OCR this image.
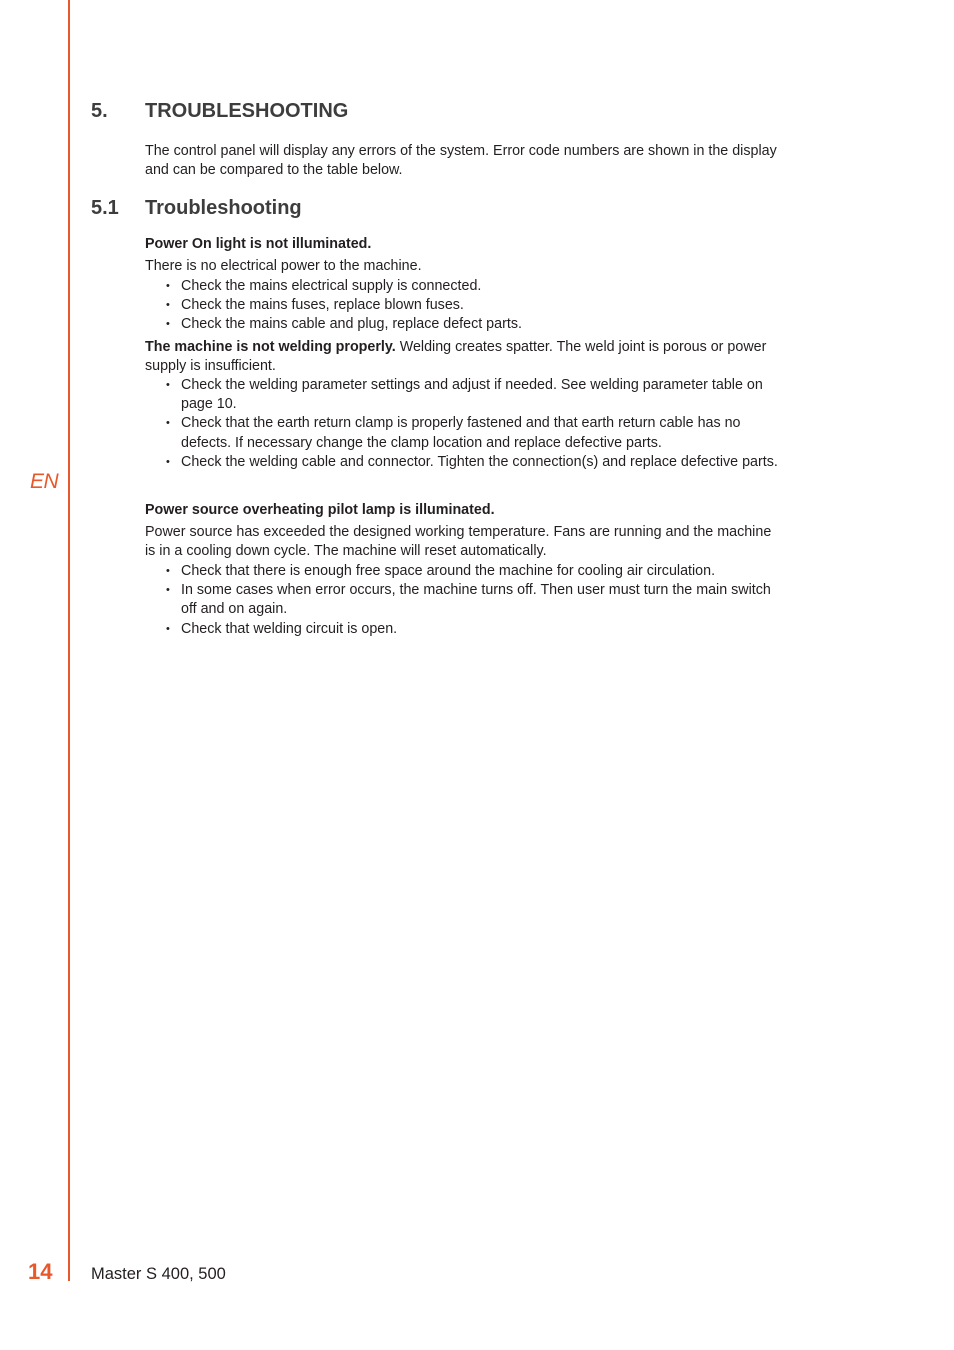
EN
5. TROUBLESHOOTING

The control panel will display any errors of the system. Error code numbers are shown in the display and can be compared to the table below.

5.1 Troubleshooting

Power On light is not illuminated.

There is no electrical power to the machine.

• Check the mains electrical supply is connected.
• Check the mains fuses, replace blown fuses.
• Check the mains cable and plug, replace defect parts.

The machine is not welding properly. Welding creates spatter. The weld joint is porous or power supply is insufficient.

• Check the welding parameter settings and adjust if needed. See welding parameter table on page 10.
• Check that the earth return clamp is properly fastened and that earth return cable has no defects. If necessary change the clamp location and replace defective parts.
• Check the welding cable and connector. Tighten the connection(s) and replace defective parts.

Power source overheating pilot lamp is illuminated.

Power source has exceeded the designed working temperature. Fans are running and the machine is in a cooling down cycle. The machine will reset automatically.

• Check that there is enough free space around the machine for cooling air circulation.
• In some cases when error occurs, the machine turns off. Then user must turn the main switch off and on again.
• Check that welding circuit is open.
14 Master S 400, 500
